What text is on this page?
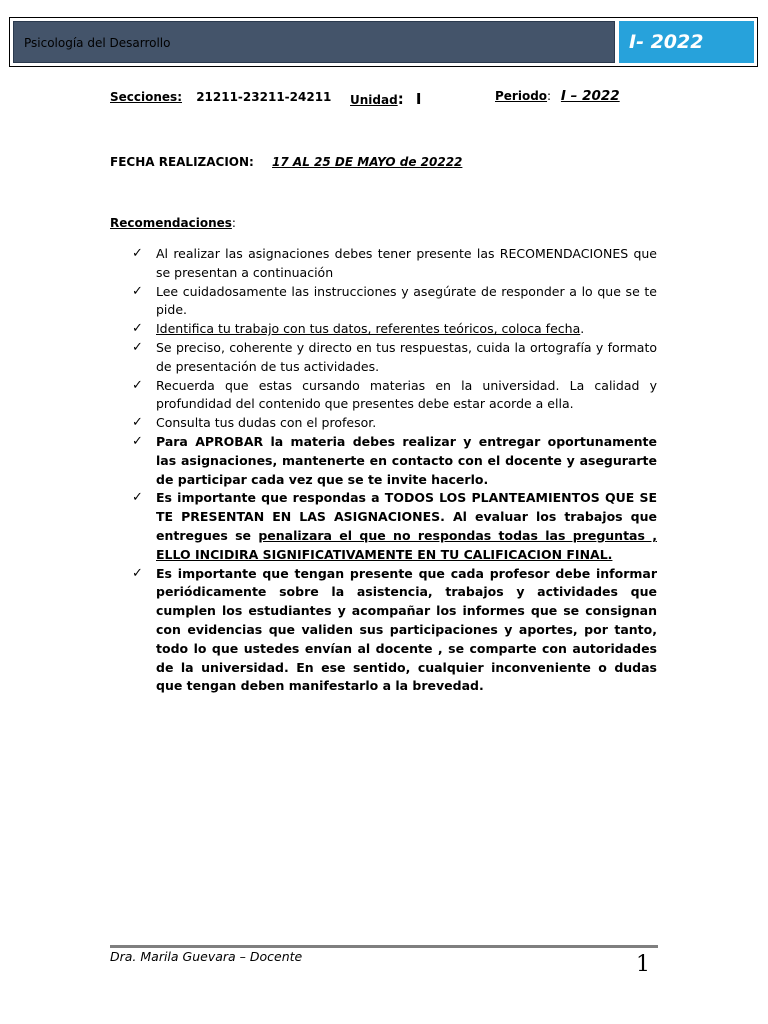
Psicología del Desarrollo	I- 2022
Secciones: 21211-23211-24211 Unidad: I	Periodo: I – 2022
FECHA REALIZACION: 17 AL 25 DE MAYO de 20222
Recomendaciones:
✓ Al realizar las asignaciones debes tener presente las RECOMENDACIONES que se presentan a continuación
✓ Lee cuidadosamente las instrucciones y asegúrate de responder a lo que se te pide.
✓ Identifica tu trabajo con tus datos, referentes teóricos, coloca fecha.
✓ Se preciso, coherente y directo en tus respuestas, cuida la ortografía y formato de presentación de tus actividades.
✓ Recuerda que estas cursando materias en la universidad. La calidad y profundidad del contenido que presentes debe estar acorde a ella.
✓ Consulta tus dudas con el profesor.
✓ Para APROBAR la materia debes realizar y entregar oportunamente las asignaciones, mantenerte en contacto con el docente y asegurarte de participar cada vez que se te invite hacerlo.
✓ Es importante que respondas a TODOS LOS PLANTEAMIENTOS QUE SE TE PRESENTAN EN LAS ASIGNACIONES. Al evaluar los trabajos que entregues se penalizara el que no respondas todas las preguntas , ELLO INCIDIRA SIGNIFICATIVAMENTE EN TU CALIFICACION FINAL.
✓ Es importante que tengan presente que cada profesor debe informar periódicamente sobre la asistencia, trabajos y actividades que cumplen los estudiantes y acompañar los informes que se consignan con evidencias que validen sus participaciones y aportes, por tanto, todo lo que ustedes envían al docente , se comparte con autoridades de la universidad. En ese sentido, cualquier inconveniente o dudas que tengan deben manifestarlo a la brevedad.
Dra. Marila Guevara – Docente	1
